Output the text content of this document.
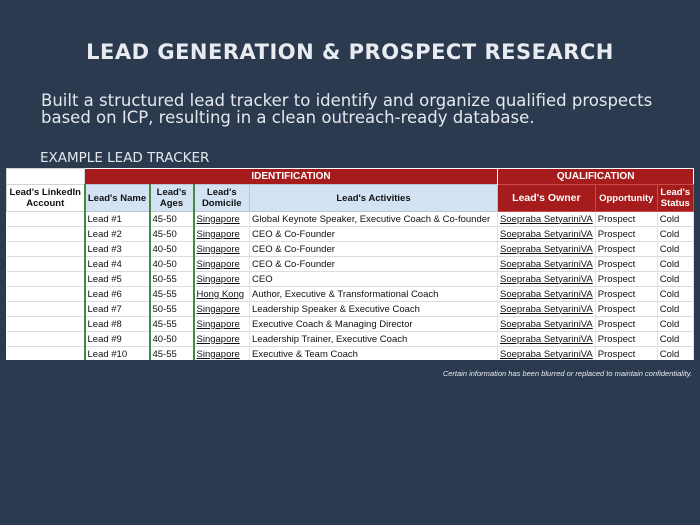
LEAD GENERATION & PROSPECT RESEARCH
Built a structured lead tracker to identify and organize qualified prospects based on ICP, resulting in a clean outreach-ready database.
EXAMPLE LEAD TRACKER
	IDENTIFICATION				QUALIFICATION		
Lead's LinkedIn Account	Lead's Name	Lead's Ages	Lead's Domicile	Lead's Activities	Lead's Owner	Opportunity	Lead's Status
	Lead #1	45-50	Singapore	Global Keynote Speaker, Executive Coach & Co-founder	Soepraba SetyariniVA	Prospect	Cold
	Lead #2	45-50	Singapore	CEO & Co-Founder	Soepraba SetyariniVA	Prospect	Cold
	Lead #3	40-50	Singapore	CEO & Co-Founder	Soepraba SetyariniVA	Prospect	Cold
	Lead #4	40-50	Singapore	CEO & Co-Founder	Soepraba SetyariniVA	Prospect	Cold
	Lead #5	50-55	Singapore	CEO	Soepraba SetyariniVA	Prospect	Cold
	Lead #6	45-55	Hong Kong	Author, Executive & Transformational Coach	Soepraba SetyariniVA	Prospect	Cold
	Lead #7	50-55	Singapore	Leadership Speaker & Executive Coach	Soepraba SetyariniVA	Prospect	Cold
	Lead #8	45-55	Singapore	Executive Coach & Managing Director	Soepraba SetyariniVA	Prospect	Cold
	Lead #9	40-50	Singapore	Leadership Trainer, Executive Coach	Soepraba SetyariniVA	Prospect	Cold
	Lead #10	45-55	Singapore	Executive & Team Coach	Soepraba SetyariniVA	Prospect	Cold
Certain information has been blurred or replaced to maintain confidentiality.
